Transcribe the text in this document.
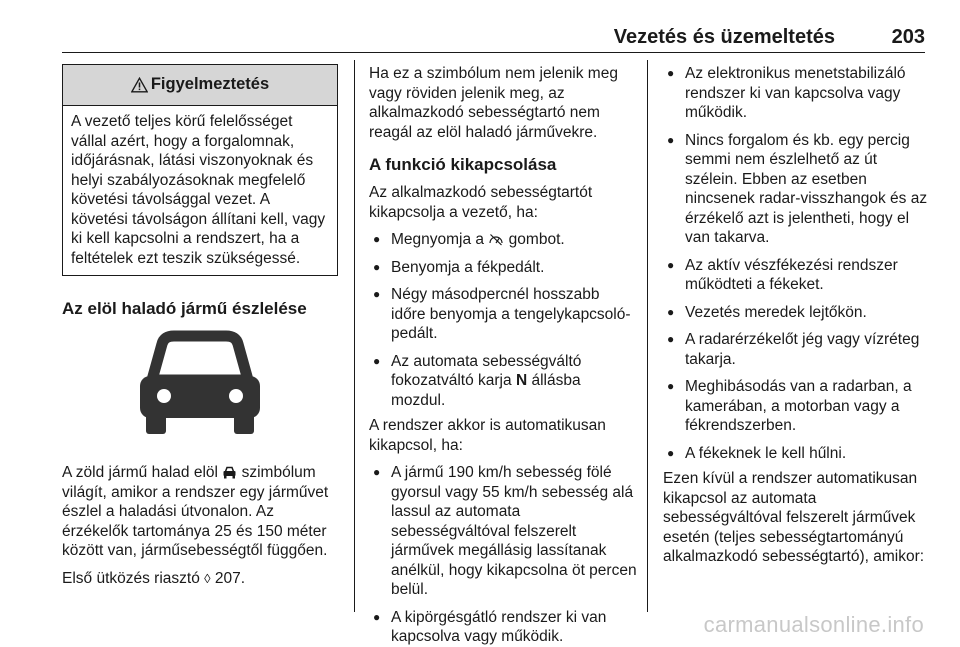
Vezetés és üzemeltetés	203
Figyelmeztetés
A vezető teljes körű felelősséget vállal azért, hogy a forgalomnak, időjárásnak, látási viszonyoknak és helyi szabályozásoknak megfelelő követési távolsággal vezet. A követési távolságon állítani kell, vagy ki kell kapcsolni a rendszert, ha a feltételek ezt teszik szükségessé.
Az elöl haladó jármű észlelése

A zöld jármű halad elöl szimbólum világít, amikor a rendszer egy járművet észlel a haladási útvonalon. Az érzékelők tartománya 25 és 150 méter között van, járműsebességtől függően.

Első ütközés riasztó ◊ 207.

Ha ez a szimbólum nem jelenik meg vagy röviden jelenik meg, az alkalmazkodó sebességtartó nem reagál az elöl haladó járművekre.

A funkció kikapcsolása

Az alkalmazkodó sebességtartót kikapcsolja a vezető, ha:

● Megnyomja a gombot.
● Benyomja a fékpedált.
● Négy másodpercnél hosszabb időre benyomja a tengelykapcsoló-pedált.
● Az automata sebességváltó fokozatváltó karja N állásba mozdul.

A rendszer akkor is automatikusan kikapcsol, ha:

● A jármű 190 km/h sebesség fölé gyorsul vagy 55 km/h sebesség alá lassul az automata sebességváltóval felszerelt járművek megállásig lassítanak anélkül, hogy kikapcsolna öt percen belül.
● A kipörgésgátló rendszer ki van kapcsolva vagy működik.
● Az elektronikus menetstabilizáló rendszer ki van kapcsolva vagy működik.
● Nincs forgalom és kb. egy percig semmi nem észlelhető az út szélein. Ebben az esetben nincsenek radar-visszhangok és az érzékelő azt is jelentheti, hogy el van takarva.
● Az aktív vészfékezési rendszer működteti a fékeket.
● Vezetés meredek lejtőkön.
● A radarérzékelőt jég vagy vízréteg takarja.
● Meghibásodás van a radarban, a kamerában, a motorban vagy a fékrendszerben.
● A fékeknek le kell hűlni.

Ezen kívül a rendszer automatikusan kikapcsol az automata sebességváltóval felszerelt járművek esetén (teljes sebességtartományú alkalmazkodó sebességtartó), amikor:

carmanualsonline.info
